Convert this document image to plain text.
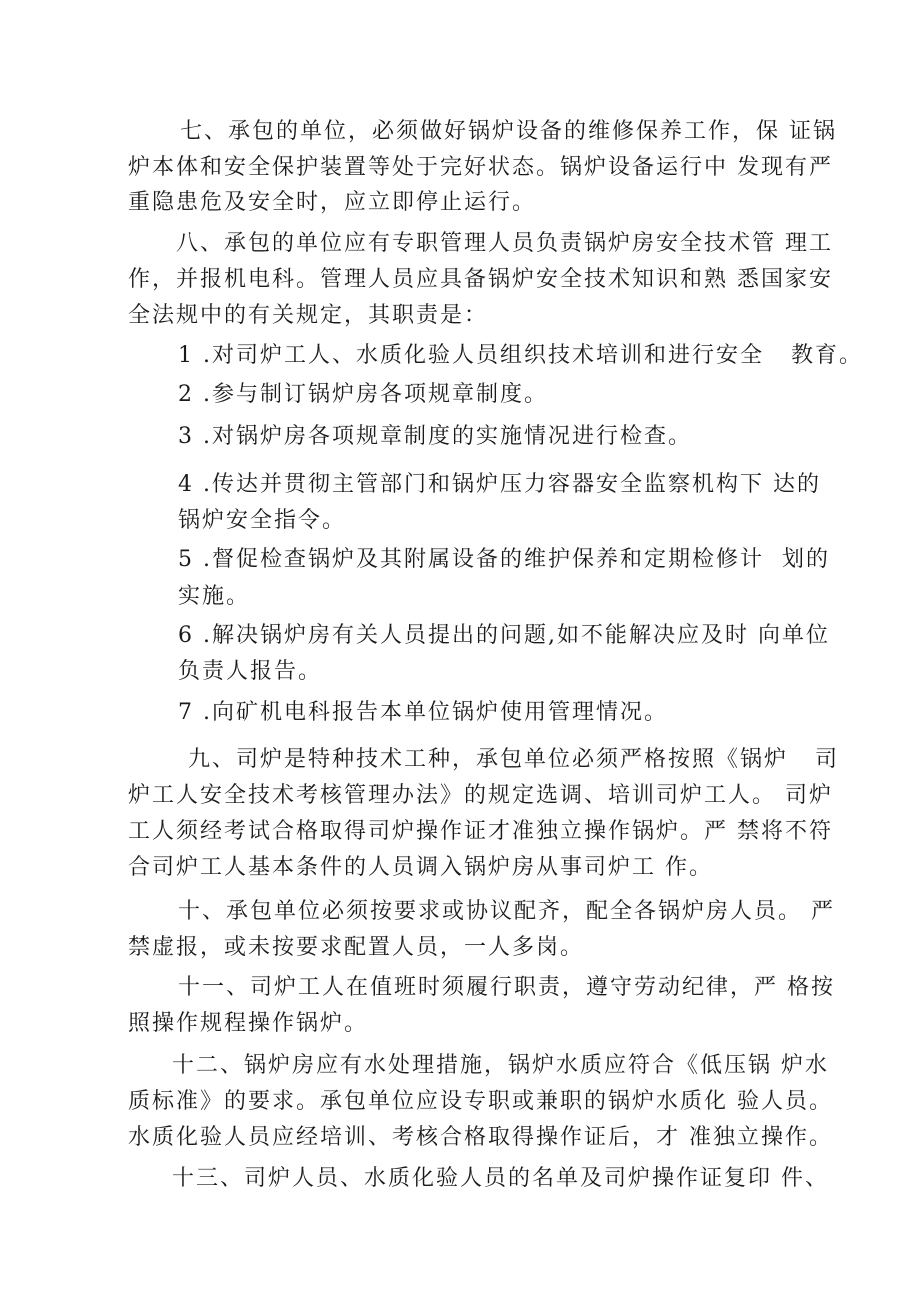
七、承包的单位，必须做好锅炉设备的维修保养工作，保 证锅
炉本体和安全保护装置等处于完好状态。锅炉设备运行中 发现有严
重隐患危及安全时，应立即停止运行。
八、承包的单位应有专职管理人员负责锅炉房安全技术管 理工
作，并报机电科。管理人员应具备锅炉安全技术知识和熟 悉国家安
全法规中的有关规定，其职责是：
1 .对司炉工人、水质化验人员组织技术培训和进行安全   教育。
2 .参与制订锅炉房各项规章制度。
3 .对锅炉房各项规章制度的实施情况进行检查。
4 .传达并贯彻主管部门和锅炉压力容器安全监察机构下 达的
锅炉安全指令。
5 .督促检查锅炉及其附属设备的维护保养和定期检修计  划的
实施。
6 .解决锅炉房有关人员提出的问题,如不能解决应及时 向单位
负责人报告。
7 .向矿机电科报告本单位锅炉使用管理情况。
九、司炉是特种技术工种，承包单位必须严格按照《锅炉   司
炉工人安全技术考核管理办法》的规定选调、培训司炉工人。 司炉
工人须经考试合格取得司炉操作证才准独立操作锅炉。严 禁将不符
合司炉工人基本条件的人员调入锅炉房从事司炉工 作。
十、承包单位必须按要求或协议配齐，配全各锅炉房人员。 严
禁虚报，或未按要求配置人员，一人多岗。
十一、司炉工人在值班时须履行职责，遵守劳动纪律，严 格按
照操作规程操作锅炉。
十二、锅炉房应有水处理措施，锅炉水质应符合《低压锅 炉水
质标准》的要求。承包单位应设专职或兼职的锅炉水质化 验人员。
水质化验人员应经培训、考核合格取得操作证后，才 准独立操作。
十三、司炉人员、水质化验人员的名单及司炉操作证复印 件、
